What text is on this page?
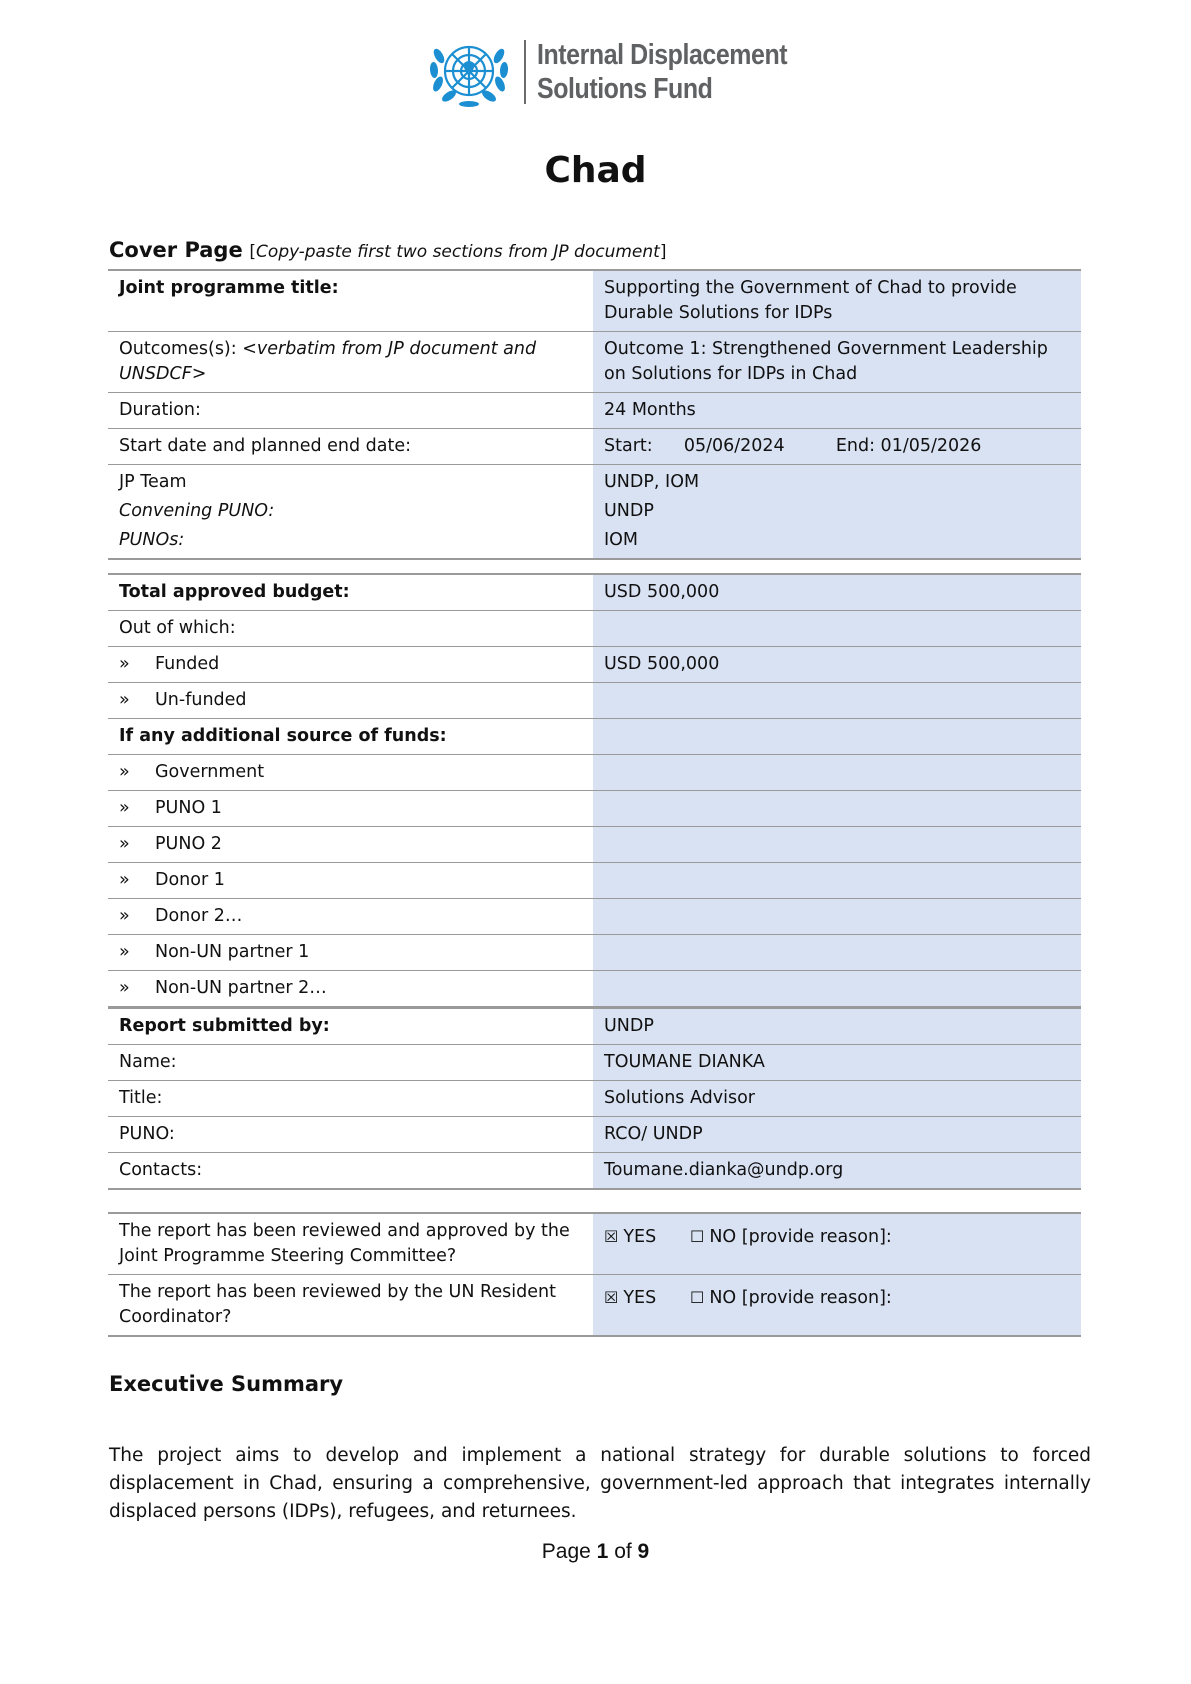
Internal Displacement
Solutions Fund
Chad
Cover Page [Copy-paste first two sections from JP document]
Joint programme title:	Supporting the Government of Chad to provide Durable Solutions for IDPs
Outcomes(s): <verbatim from JP document and UNSDCF>	Outcome 1: Strengthened Government Leadership on Solutions for IDPs in Chad
Duration:	24 Months
Start date and planned end date:	Start: 05/06/2024 End: 01/05/2026
JP Team	UNDP, IOM
Convening PUNO:	UNDP
PUNOs:	IOM
Total approved budget:	USD 500,000
Out of which:	
» Funded	USD 500,000
» Un-funded	
If any additional source of funds:	
» Government	
» PUNO 1	
» PUNO 2	
» Donor 1	
» Donor 2…	
» Non-UN partner 1	
» Non-UN partner 2…	
Report submitted by:	UNDP
Name:	TOUMANE DIANKA
Title:	Solutions Advisor
PUNO:	RCO/ UNDP
Contacts:	Toumane.dianka@undp.org
The report has been reviewed and approved by the Joint Programme Steering Committee?	☒ YES	☐ NO [provide reason]:
The report has been reviewed by the UN Resident Coordinator?	☒ YES	☐ NO [provide reason]:
Executive Summary

The project aims to develop and implement a national strategy for durable solutions to forced displacement in Chad, ensuring a comprehensive, government-led approach that integrates internally displaced persons (IDPs), refugees, and returnees.

Page 1 of 9
